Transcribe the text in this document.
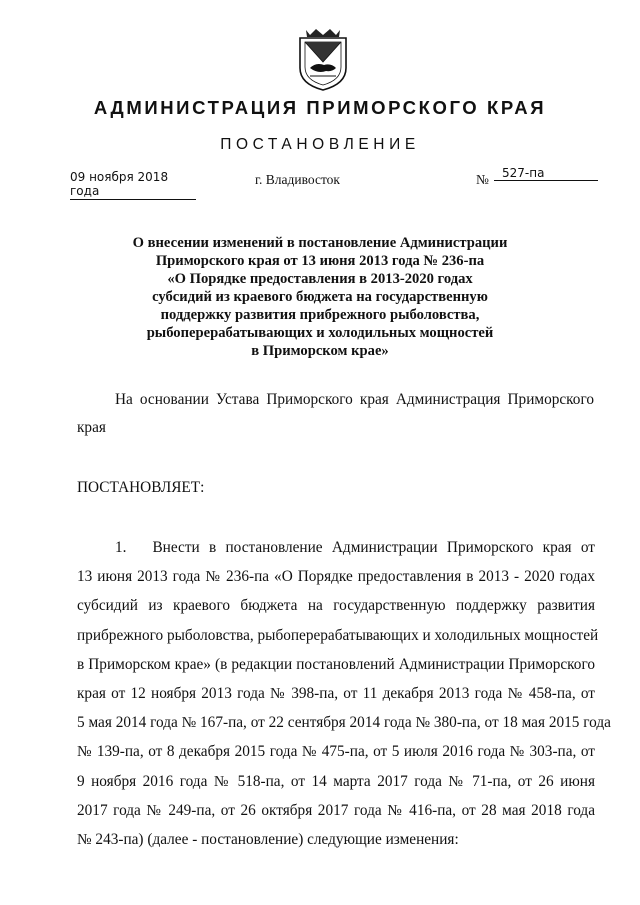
АДМИНИСТРАЦИЯ ПРИМОРСКОГО КРАЯ
ПОСТАНОВЛЕНИЕ
09 ноября 2018 года
г. Владивосток	№	527-па
О внесении изменений в постановление Администрации
Приморского края от 13 июня 2013 года № 236-па
«О Порядке предоставления в 2013-2020 годах
субсидий из краевого бюджета на государственную
поддержку развития прибрежного рыболовства,
рыбоперерабатывающих и холодильных мощностей
в Приморском крае»
На основании Устава Приморского края Администрация Приморского
края
ПОСТАНОВЛЯЕТ:
1. Внести в постановление Администрации Приморского края от
13 июня 2013 года № 236-па «О Порядке предоставления в 2013 - 2020 годах
субсидий из краевого бюджета на государственную поддержку развития
прибрежного рыболовства, рыбоперерабатывающих и холодильных мощностей
в Приморском крае» (в редакции постановлений Администрации Приморского
края от 12 ноября 2013 года № 398-па, от 11 декабря 2013 года № 458-па, от
5 мая 2014 года № 167-па, от 22 сентября 2014 года № 380-па, от 18 мая 2015 года
№ 139-па, от 8 декабря 2015 года № 475-па, от 5 июля 2016 года № 303-па, от
9 ноября 2016 года № 518-па, от 14 марта 2017 года № 71-па, от 26 июня
2017 года № 249-па, от 26 октября 2017 года № 416-па, от 28 мая 2018 года
№ 243-па) (далее - постановление) следующие изменения:
